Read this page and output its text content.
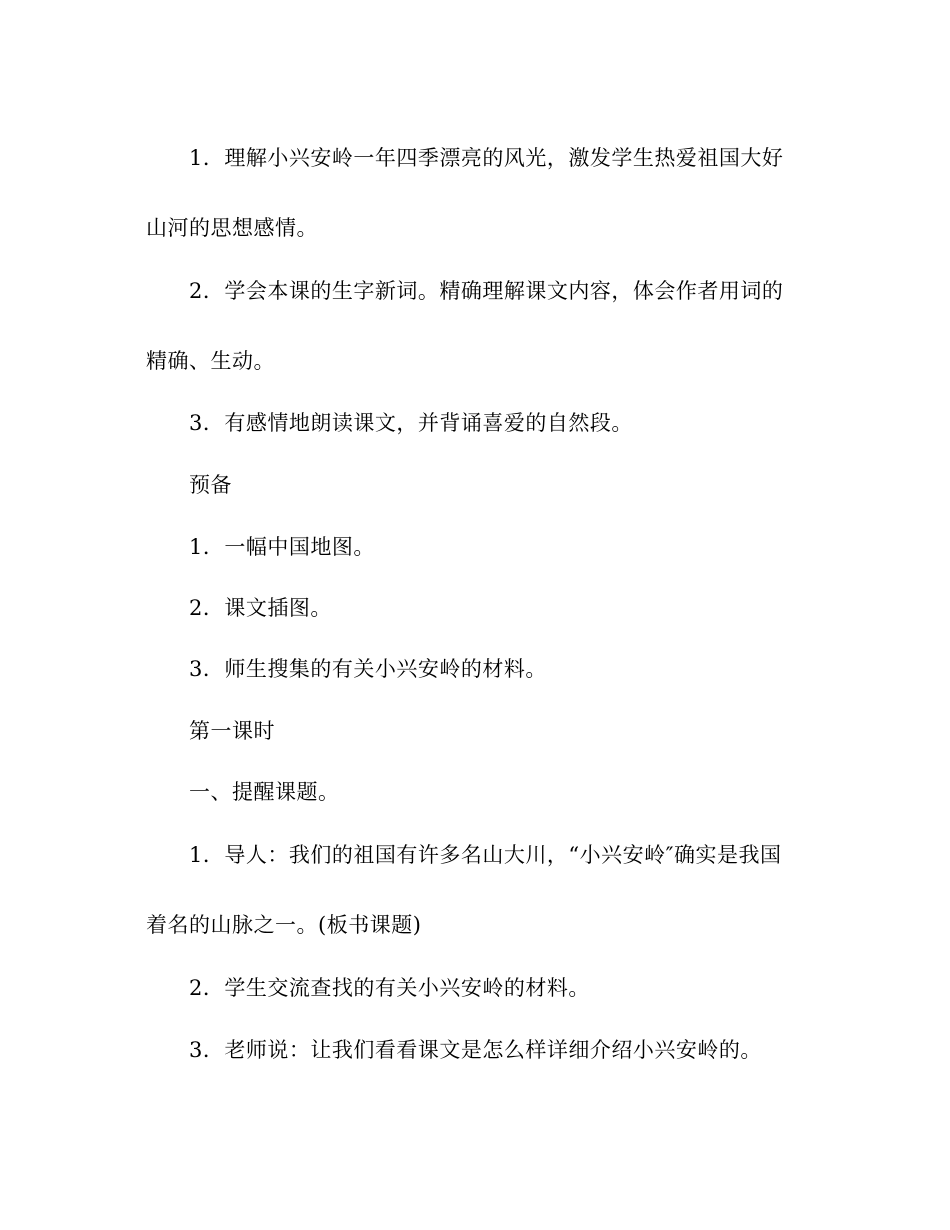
1．理解小兴安岭一年四季漂亮的风光，激发学生热爱祖国大好
山河的思想感情。
2．学会本课的生字新词。精确理解课文内容，体会作者用词的
精确、生动。
3．有感情地朗读课文，并背诵喜爱的自然段。
预备
1．一幅中国地图。
2．课文插图。
3．师生搜集的有关小兴安岭的材料。
第一课时
一、提醒课题。
1．导人：我们的祖国有许多名山大川，“小兴安岭″确实是我国
着名的山脉之一。(板书课题)
2．学生交流查找的有关小兴安岭的材料。
3．老师说：让我们看看课文是怎么样详细介绍小兴安岭的。
